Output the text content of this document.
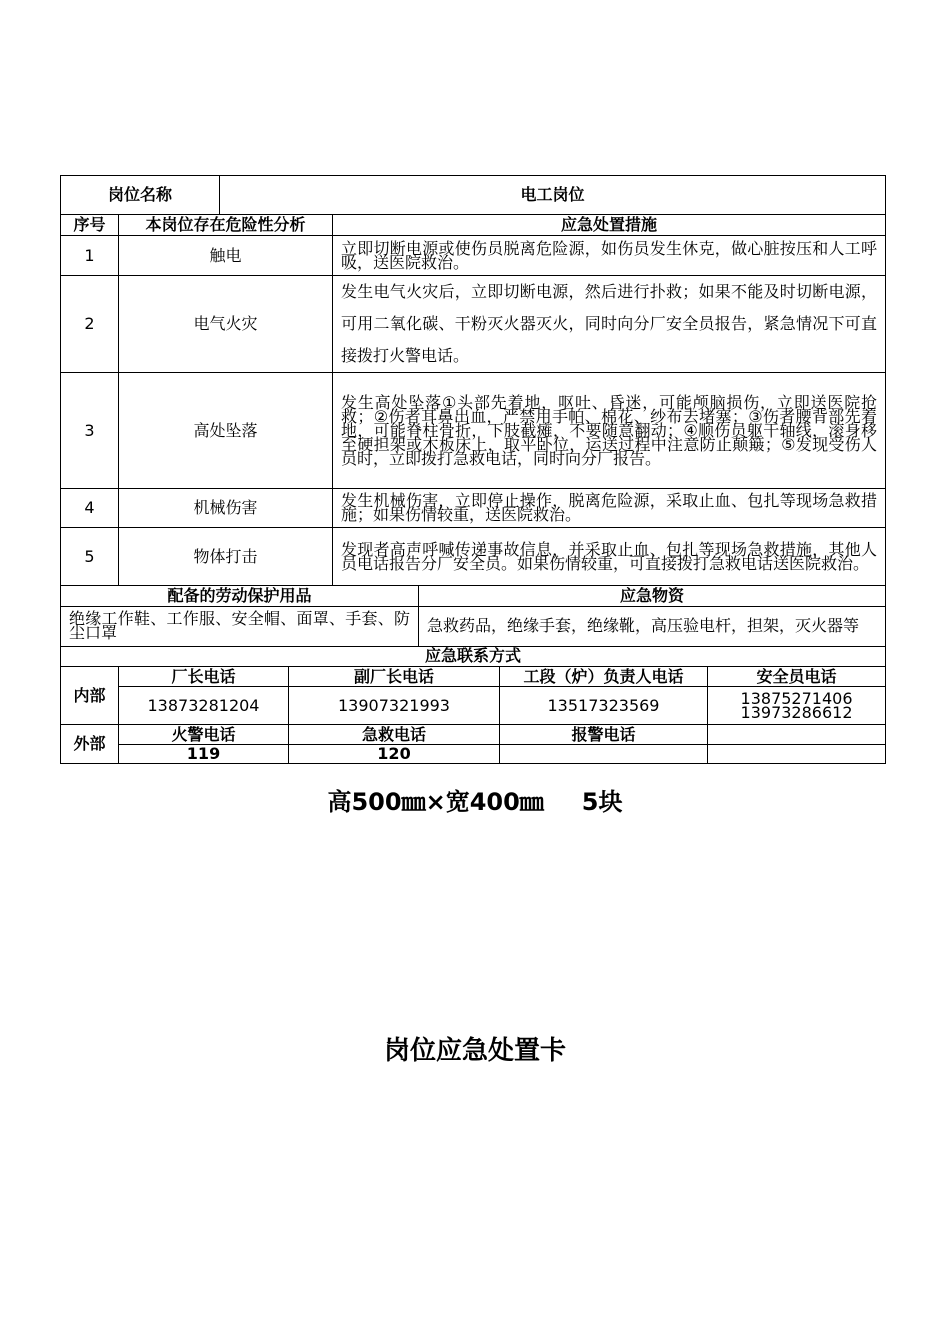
岗位名称		电工岗位	
序号	本岗位存在危险性分析		应急处置措施
1	触电		立即切断电源或使伤员脱离危险源，如伤员发生休克，做心脏按压和人工呼吸，送医院救治。
2	电气火灾		发生电气火灾后，立即切断电源，然后进行扑救；如果不能及时切断电源，可用二氧化碳、干粉灭火器灭火，同时向分厂安全员报告，紧急情况下可直接拨打火警电话。
3	高处坠落		发生高处坠落①头部先着地，呕吐、昏迷，可能颅脑损伤，立即送医院抢救；②伤者耳鼻出血，严禁用手帕、棉花、纱布去堵塞；③伤者腰背部先着地，可能脊柱骨折，下肢截瘫，不要随意翻动；④顺伤员躯干轴线，滚身移至硬担架或木板床上，取平卧位，运送过程中注意防止颠簸；⑤发现受伤人员时，立即拨打急救电话，同时向分厂报告。
4	机械伤害		发生机械伤害，立即停止操作，脱离危险源，采取止血、包扎等现场急救措施；如果伤情较重，送医院救治。
5	物体打击		发现者高声呼喊传递事故信息，并采取止血、包扎等现场急救措施，其他人员电话报告分厂安全员。如果伤情较重，可直接拨打急救电话送医院救治。
配备的劳动保护用品	应急物资
绝缘工作鞋、工作服、安全帽、面罩、手套、防尘口罩	急救药品，绝缘手套，绝缘靴，高压验电杆，担架，灭火器等
应急联系方式				
内部	厂长电话	副厂长电话	工段（炉）负责人电话	安全员电话
	13873281204	13907321993	13517323569	13875271406
13973286612

外部	火警电话	急救电话	报警电话	
	119	120		
高500㎜×宽400㎜ 5块
岗位应急处置卡
